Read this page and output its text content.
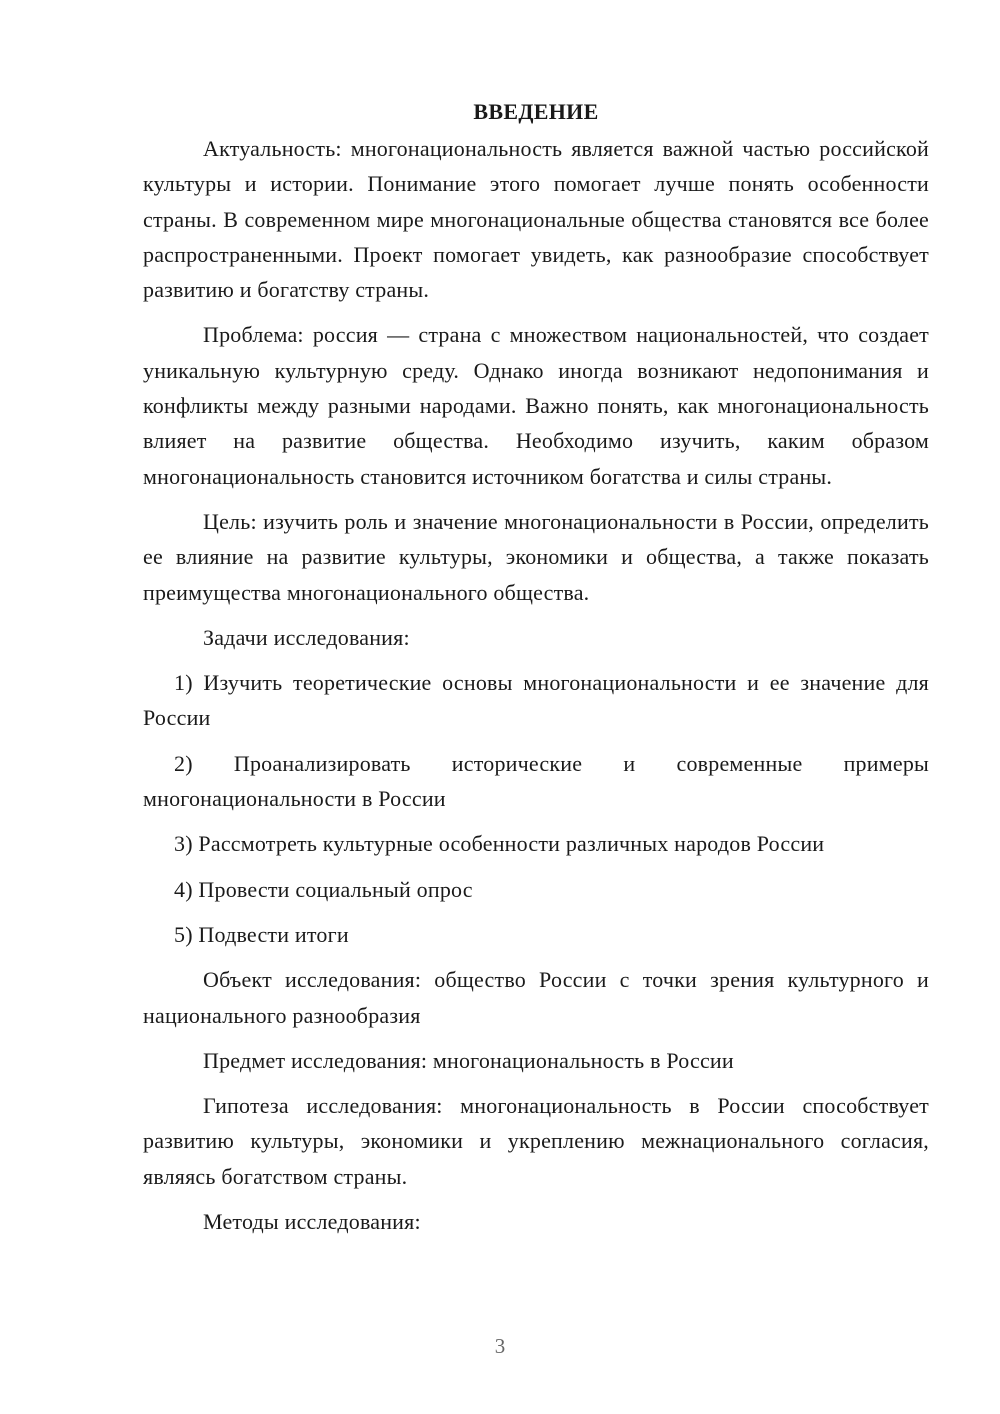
ВВЕДЕНИЕ

Актуальность: многонациональность является важной частью российской культуры и истории. Понимание этого помогает лучше понять особенности страны. В современном мире многонациональные общества становятся все более распространенными. Проект помогает увидеть, как разнообразие способствует развитию и богатству страны.

Проблема: россия — страна с множеством национальностей, что создает уникальную культурную среду. Однако иногда возникают недопонимания и конфликты между разными народами. Важно понять, как многонациональность влияет на развитие общества. Необходимо изучить, каким образом многонациональность становится источником богатства и силы страны.

Цель: изучить роль и значение многонациональности в России, определить ее влияние на развитие культуры, экономики и общества, а также показать преимущества многонационального общества.

Задачи исследования:

1) Изучить теоретические основы многонациональности и ее значение для России

2) Проанализировать исторические и современные примеры многонациональности в России

3) Рассмотреть культурные особенности различных народов России

4) Провести социальный опрос

5) Подвести итоги

Объект исследования: общество России с точки зрения культурного и национального разнообразия

Предмет исследования: многонациональность в России

Гипотеза исследования: многонациональность в России способствует развитию культуры, экономики и укреплению межнационального согласия, являясь богатством страны.

Методы исследования:

3
